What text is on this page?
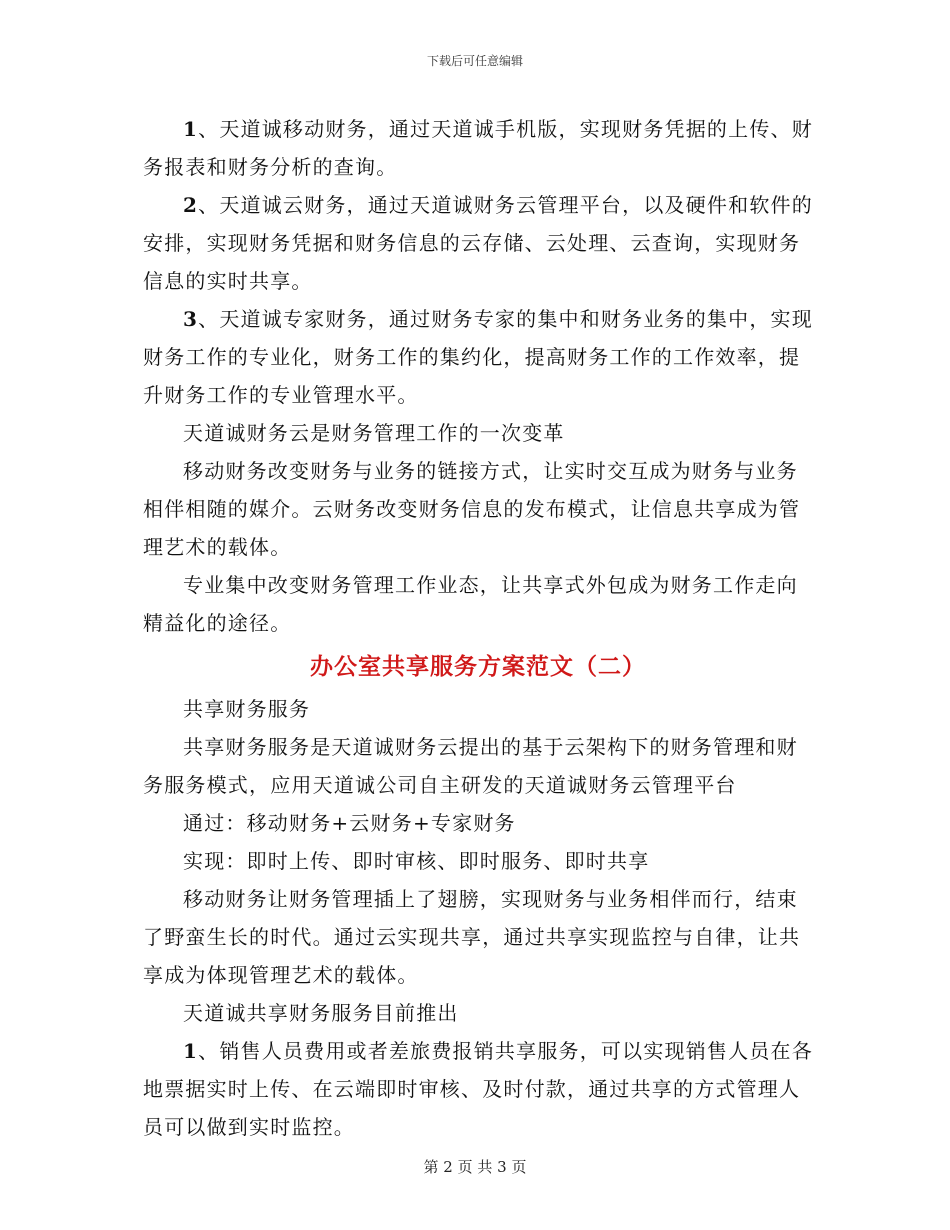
下载后可任意编辑

1、天道诚移动财务，通过天道诚手机版，实现财务凭据的上传、财务报表和财务分析的查询。

2、天道诚云财务，通过天道诚财务云管理平台，以及硬件和软件的安排，实现财务凭据和财务信息的云存储、云处理、云查询，实现财务信息的实时共享。

3、天道诚专家财务，通过财务专家的集中和财务业务的集中，实现财务工作的专业化，财务工作的集约化，提高财务工作的工作效率，提升财务工作的专业管理水平。

天道诚财务云是财务管理工作的一次变革

移动财务改变财务与业务的链接方式，让实时交互成为财务与业务相伴相随的媒介。云财务改变财务信息的发布模式，让信息共享成为管理艺术的载体。

专业集中改变财务管理工作业态，让共享式外包成为财务工作走向精益化的途径。

办公室共享服务方案范文（二）

共享财务服务

共享财务服务是天道诚财务云提出的基于云架构下的财务管理和财务服务模式，应用天道诚公司自主研发的天道诚财务云管理平台

通过：移动财务+云财务+专家财务

实现：即时上传、即时审核、即时服务、即时共享

移动财务让财务管理插上了翅膀，实现财务与业务相伴而行，结束了野蛮生长的时代。通过云实现共享，通过共享实现监控与自律，让共享成为体现管理艺术的载体。

天道诚共享财务服务目前推出

1、销售人员费用或者差旅费报销共享服务，可以实现销售人员在各地票据实时上传、在云端即时审核、及时付款，通过共享的方式管理人员可以做到实时监控。

第 2 页 共 3 页
